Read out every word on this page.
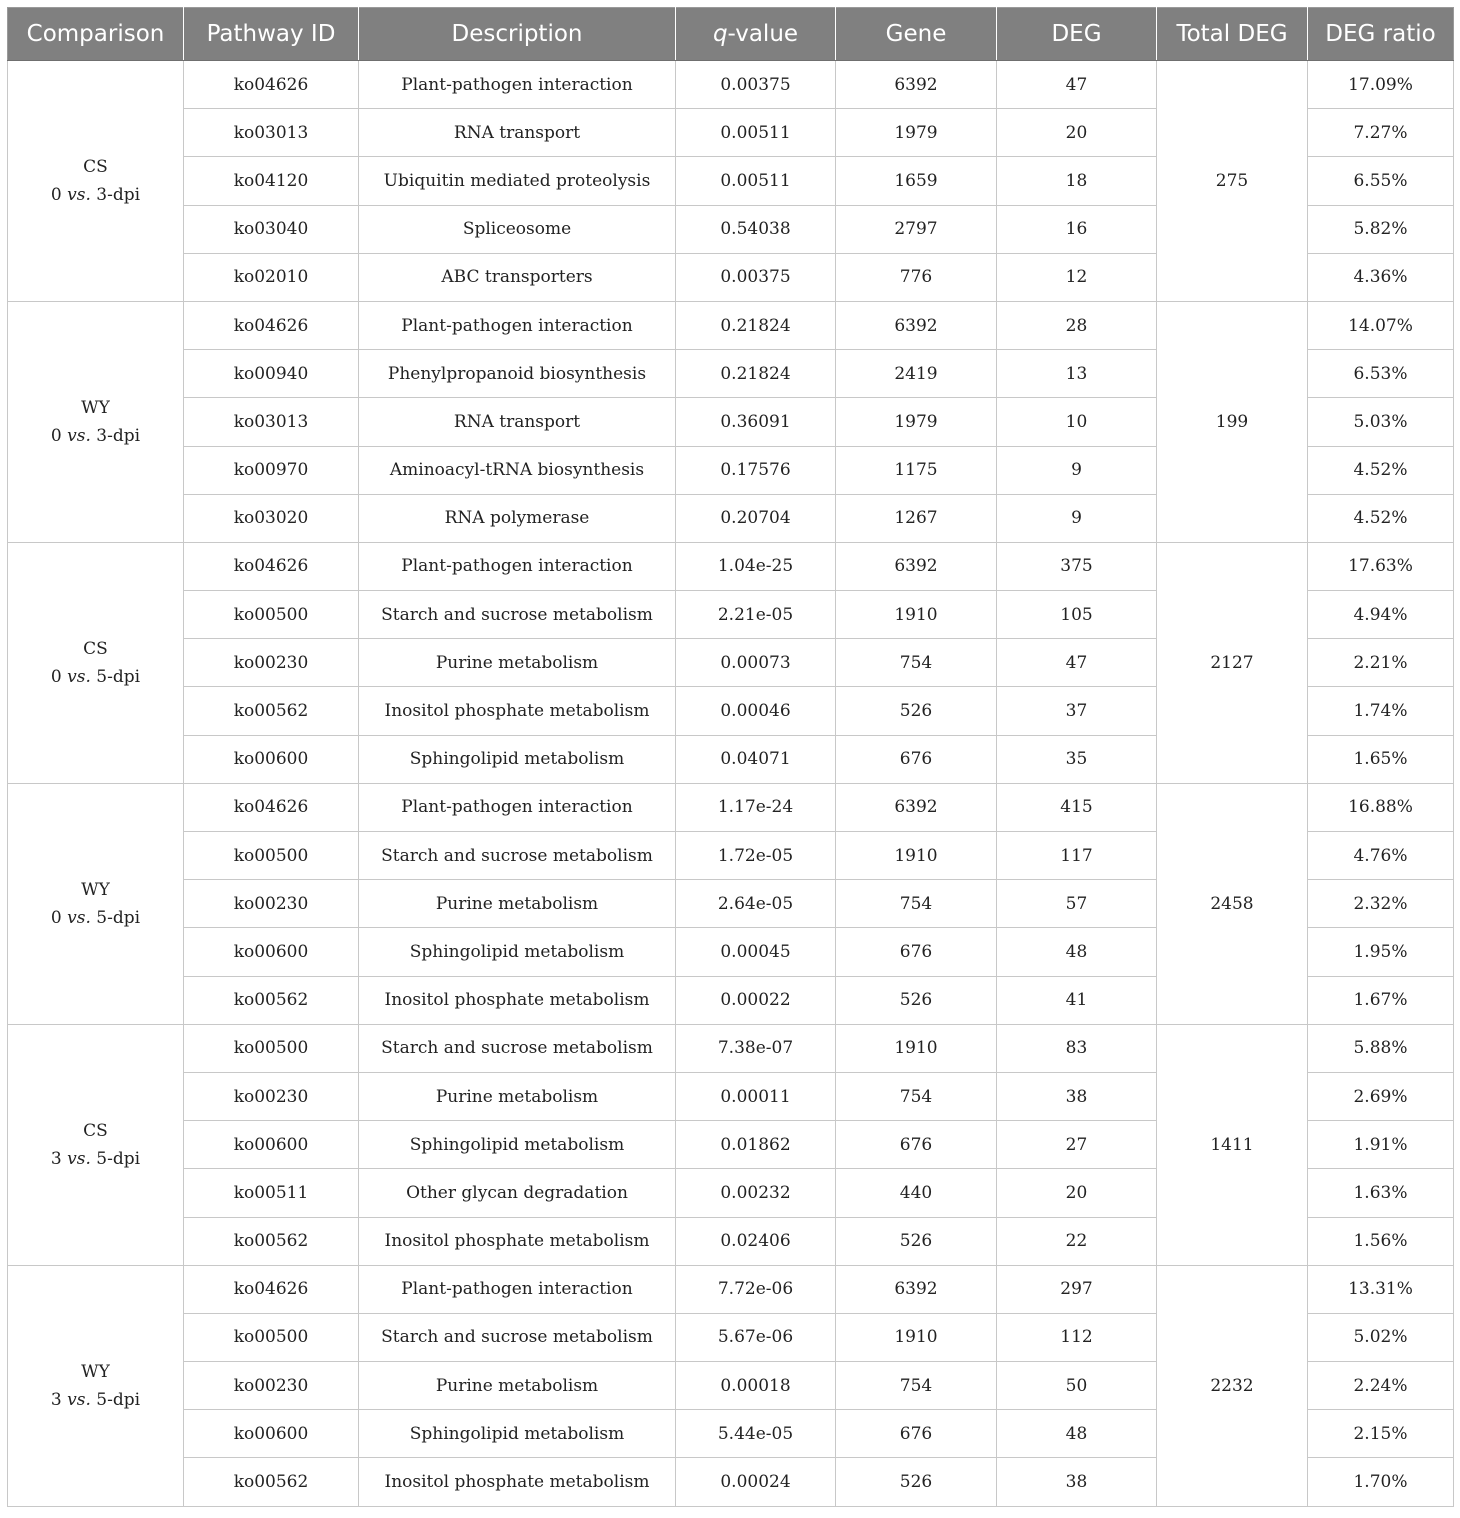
Comparison	Pathway ID	Description	q-value	Gene	DEG	Total DEG	DEG ratio
CS
0 vs. 3-dpi	ko04626	Plant-pathogen interaction	0.00375	6392	47	275	17.09%
	ko03013	RNA transport	0.00511	1979	20		7.27%
	ko04120	Ubiquitin mediated proteolysis	0.00511	1659	18		6.55%
	ko03040	Spliceosome	0.54038	2797	16		5.82%
	ko02010	ABC transporters	0.00375	776	12		4.36%
WY
0 vs. 3-dpi	ko04626	Plant-pathogen interaction	0.21824	6392	28	199	14.07%
	ko00940	Phenylpropanoid biosynthesis	0.21824	2419	13		6.53%
	ko03013	RNA transport	0.36091	1979	10		5.03%
	ko00970	Aminoacyl-tRNA biosynthesis	0.17576	1175	9		4.52%
	ko03020	RNA polymerase	0.20704	1267	9		4.52%
CS
0 vs. 5-dpi	ko04626	Plant-pathogen interaction	1.04e-25	6392	375	2127	17.63%
	ko00500	Starch and sucrose metabolism	2.21e-05	1910	105		4.94%
	ko00230	Purine metabolism	0.00073	754	47		2.21%
	ko00562	Inositol phosphate metabolism	0.00046	526	37		1.74%
	ko00600	Sphingolipid metabolism	0.04071	676	35		1.65%
WY
0 vs. 5-dpi	ko04626	Plant-pathogen interaction	1.17e-24	6392	415	2458	16.88%
	ko00500	Starch and sucrose metabolism	1.72e-05	1910	117		4.76%
	ko00230	Purine metabolism	2.64e-05	754	57		2.32%
	ko00600	Sphingolipid metabolism	0.00045	676	48		1.95%
	ko00562	Inositol phosphate metabolism	0.00022	526	41		1.67%
CS
3 vs. 5-dpi	ko00500	Starch and sucrose metabolism	7.38e-07	1910	83	1411	5.88%
	ko00230	Purine metabolism	0.00011	754	38		2.69%
	ko00600	Sphingolipid metabolism	0.01862	676	27		1.91%
	ko00511	Other glycan degradation	0.00232	440	20		1.63%
	ko00562	Inositol phosphate metabolism	0.02406	526	22		1.56%
WY
3 vs. 5-dpi	ko04626	Plant-pathogen interaction	7.72e-06	6392	297	2232	13.31%
	ko00500	Starch and sucrose metabolism	5.67e-06	1910	112		5.02%
	ko00230	Purine metabolism	0.00018	754	50		2.24%
	ko00600	Sphingolipid metabolism	5.44e-05	676	48		2.15%
	ko00562	Inositol phosphate metabolism	0.00024	526	38		1.70%
